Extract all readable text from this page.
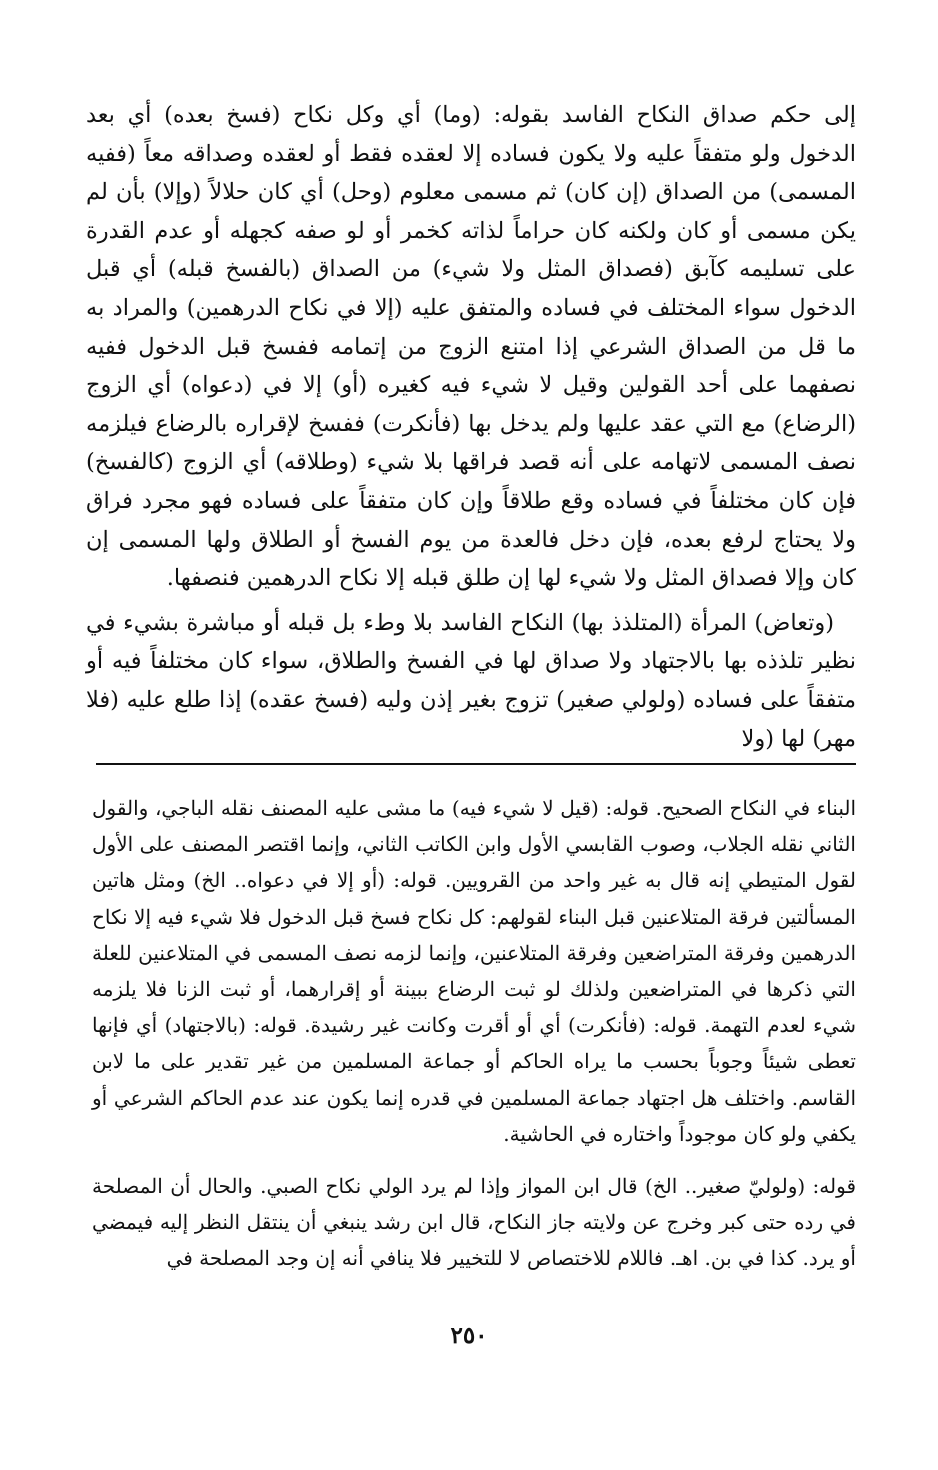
إلى حكم صداق النكاح الفاسد بقوله: (وما) أي وكل نكاح (فسخ بعده) أي بعد الدخول ولو متفقاً عليه ولا يكون فساده إلا لعقده فقط أو لعقده وصداقه معاً (ففيه المسمى) من الصداق (إن كان) ثم مسمى معلوم (وحل) أي كان حلالاً (وإلا) بأن لم يكن مسمى أو كان ولكنه كان حراماً لذاته كخمر أو لو صفه كجهله أو عدم القدرة على تسليمه كآبق (فصداق المثل ولا شيء) من الصداق (بالفسخ قبله) أي قبل الدخول سواء المختلف في فساده والمتفق عليه (إلا في نكاح الدرهمين) والمراد به ما قل من الصداق الشرعي إذا امتنع الزوج من إتمامه ففسخ قبل الدخول ففيه نصفهما على أحد القولين وقيل لا شيء فيه كغيره (أو) إلا في (دعواه) أي الزوج (الرضاع) مع التي عقد عليها ولم يدخل بها (فأنكرت) ففسخ لإقراره بالرضاع فيلزمه نصف المسمى لاتهامه على أنه قصد فراقها بلا شيء (وطلاقه) أي الزوج (كالفسخ) فإن كان مختلفاً في فساده وقع طلاقاً وإن كان متفقاً على فساده فهو مجرد فراق ولا يحتاج لرفع بعده، فإن دخل فالعدة من يوم الفسخ أو الطلاق ولها المسمى إن كان وإلا فصداق المثل ولا شيء لها إن طلق قبله إلا نكاح الدرهمين فنصفها.

(وتعاض) المرأة (المتلذذ بها) النكاح الفاسد بلا وطء بل قبله أو مباشرة بشيء في نظير تلذذه بها بالاجتهاد ولا صداق لها في الفسخ والطلاق، سواء كان مختلفاً فيه أو متفقاً على فساده (ولولي صغير) تزوج بغير إذن وليه (فسخ عقده) إذا طلع عليه (فلا مهر) لها (ولا

البناء في النكاح الصحيح. قوله: (قيل لا شيء فيه) ما مشى عليه المصنف نقله الباجي، والقول الثاني نقله الجلاب، وصوب القابسي الأول وابن الكاتب الثاني، وإنما اقتصر المصنف على الأول لقول المتيطي إنه قال به غير واحد من القرويين. قوله: (أو إلا في دعواه.. الخ) ومثل هاتين المسألتين فرقة المتلاعنين قبل البناء لقولهم: كل نكاح فسخ قبل الدخول فلا شيء فيه إلا نكاح الدرهمين وفرقة المتراضعين وفرقة المتلاعنين، وإنما لزمه نصف المسمى في المتلاعنين للعلة التي ذكرها في المتراضعين ولذلك لو ثبت الرضاع ببينة أو إقرارهما، أو ثبت الزنا فلا يلزمه شيء لعدم التهمة. قوله: (فأنكرت) أي أو أقرت وكانت غير رشيدة. قوله: (بالاجتهاد) أي فإنها تعطى شيئاً وجوباً بحسب ما يراه الحاكم أو جماعة المسلمين من غير تقدير على ما لابن القاسم. واختلف هل اجتهاد جماعة المسلمين في قدره إنما يكون عند عدم الحاكم الشرعي أو يكفي ولو كان موجوداً واختاره في الحاشية.

قوله: (ولوليّ صغير.. الخ) قال ابن المواز وإذا لم يرد الولي نكاح الصبي. والحال أن المصلحة في رده حتى كبر وخرج عن ولايته جاز النكاح، قال ابن رشد ينبغي أن ينتقل النظر إليه فيمضي أو يرد. كذا في بن. اهـ. فاللام للاختصاص لا للتخيير فلا ينافي أنه إن وجد المصلحة في

٢٥٠
